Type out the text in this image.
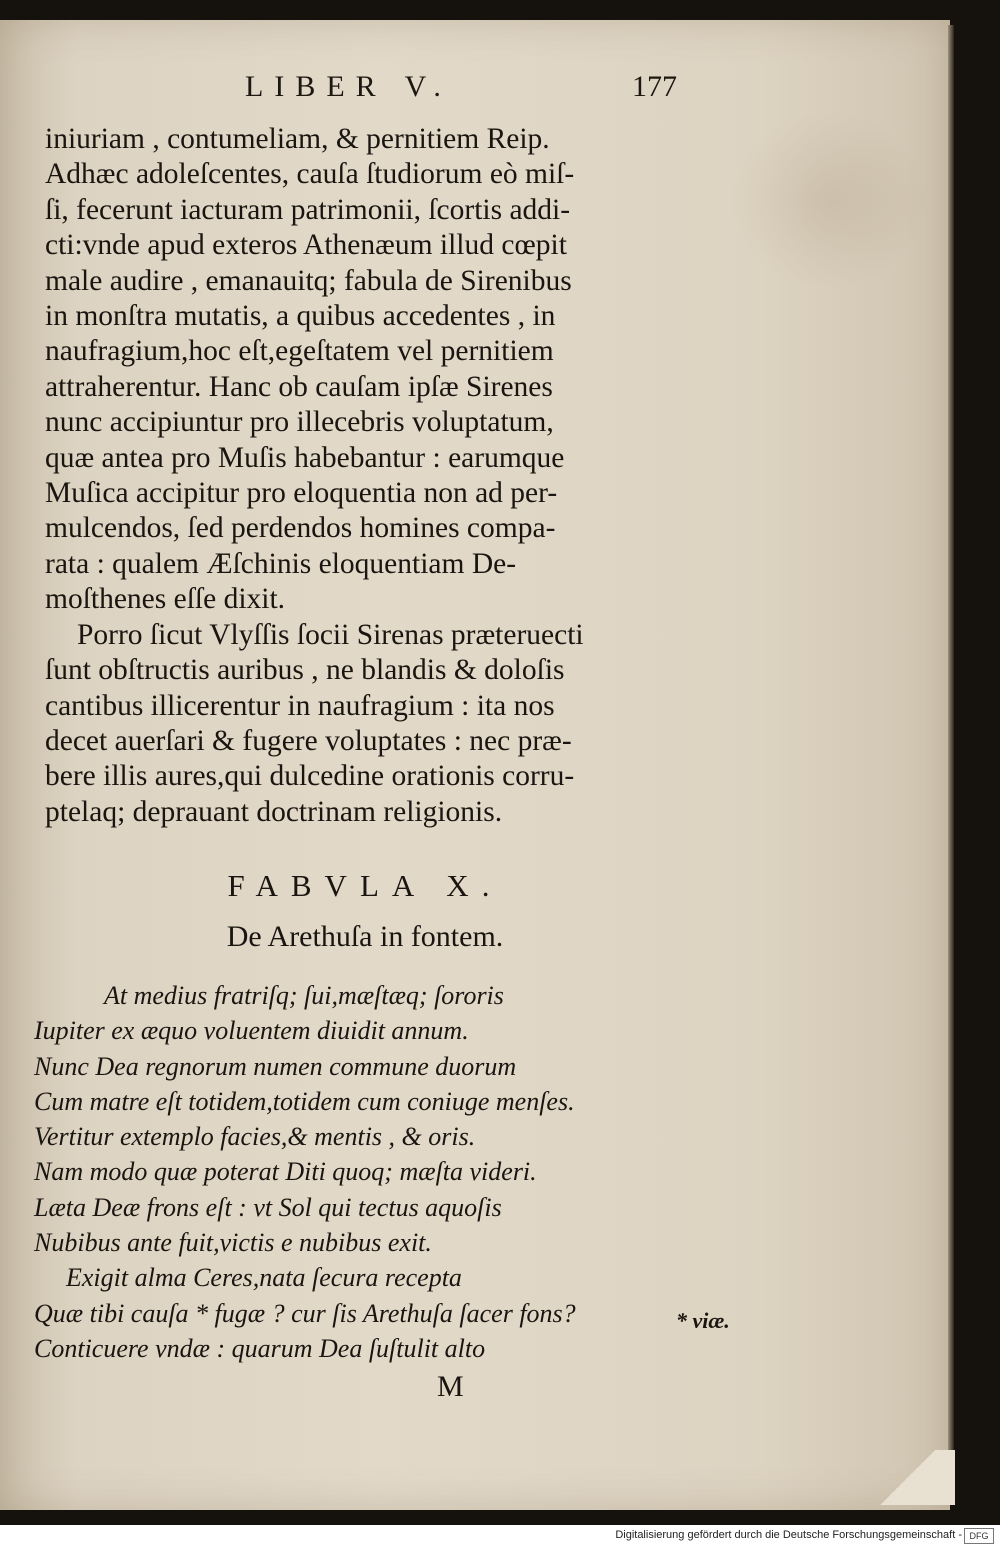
LIBER V.	177
iniuriam , contumeliam, & pernitiem Reip.
Adhæc adoleſcentes, cauſa ſtudiorum eò miſ-
ſi, fecerunt iacturam patrimonii, ſcortis addi-
cti:vnde apud exteros Athenæum illud cœpit
male audire , emanauitq; fabula de Sirenibus
in monſtra mutatis, a quibus accedentes , in
naufragium,hoc eſt,egeſtatem vel pernitiem
attraherentur. Hanc ob cauſam ipſæ Sirenes
nunc accipiuntur pro illecebris voluptatum,
quæ antea pro Muſis habebantur : earumque
Muſica accipitur pro eloquentia non ad per-
mulcendos, ſed perdendos homines compa-
rata : qualem Æſchinis eloquentiam De-
moſthenes eſſe dixit.
Porro ſicut Vlyſſis ſocii Sirenas præteruecti
ſunt obſtructis auribus , ne blandis & doloſis
cantibus illicerentur in naufragium : ita nos
decet auerſari & fugere voluptates : nec præ-
bere illis aures,qui dulcedine orationis corru-
ptelaq; deprauant doctrinam religionis.
FABVLA X.
De Arethuſa in fontem.
At medius fratriſq; ſui,mæſtæq; ſororis
Iupiter ex æquo voluentem diuidit annum.
Nunc Dea regnorum numen commune duorum
Cum matre eſt totidem,totidem cum coniuge menſes.
Vertitur extemplo facies,& mentis , & oris.
Nam modo quæ poterat Diti quoq; mæſta videri.
Læta Deæ frons eſt : vt Sol qui tectus aquoſis
Nubibus ante fuit,victis e nubibus exit.
Exigit alma Ceres,nata ſecura recepta
Quæ tibi cauſa * fugæ ? cur ſis Arethuſa ſacer fons?
Conticuere vndæ : quarum Dea ſuſtulit alto
* viæ.
M
Digitalisierung gefördert durch die Deutsche Forschungsgemeinschaft - DFG
